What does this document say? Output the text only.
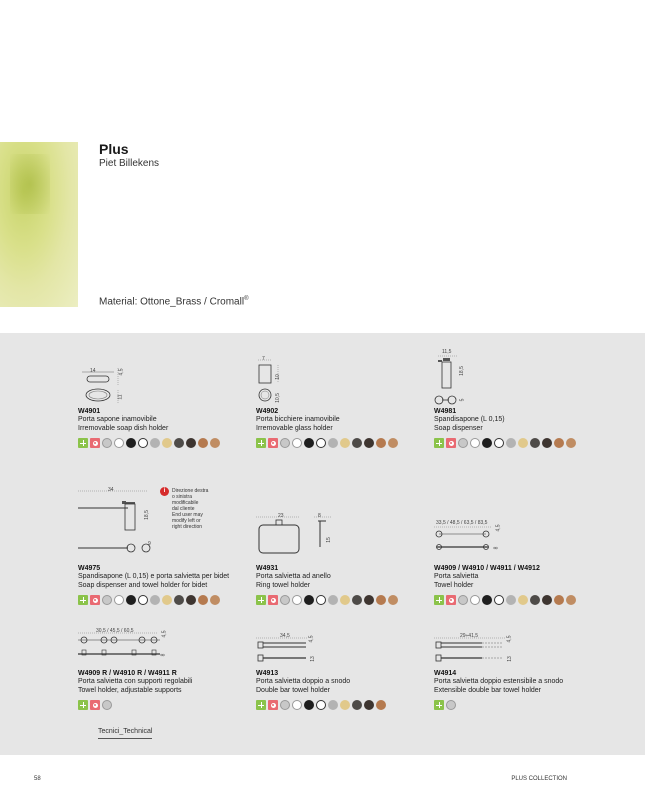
Plus
Piet Billekens
Material: Ottone_Brass / Cromall®
14	4,5
11
W4901
Porta sapone inamovibile
Irremovable soap dish holder
7
10
10,5
W4902
Porta bicchiere inamovibile
Irremovable glass holder
11,5
18,5
5
W4981
Spandisapone (L 0,15)
Soap dispenser
34
18,5
9
i	Direzione destra
o sinistra
modificabile
dal cliente
End user may
modify left or
right direction
W4975
Spandisapone (L 0,15) e porta salvietta per bidet
Soap dispenser and towel holder for bidet
23	8
15
W4931
Porta salvietta ad anello
Ring towel holder
33,5 / 48,5 / 63,5 / 83,5
4,5
8
W4909 / W4910 / W4911 / W4912
Porta salvietta
Towel holder
30,5 / 45,5 / 60,5	4,5
8
W4909 R / W4910 R / W4911 R
Porta salvietta con supporti regolabili
Towel holder, adjustable supports
34,5	4,5
13
W4913
Porta salvietta doppio a snodo
Double bar towel holder
29÷41,5	4,5
13
W4914
Porta salvietta doppio estensibile a snodo
Extensible double bar towel holder
Tecnici_Technical
58	PLUS COLLECTION
